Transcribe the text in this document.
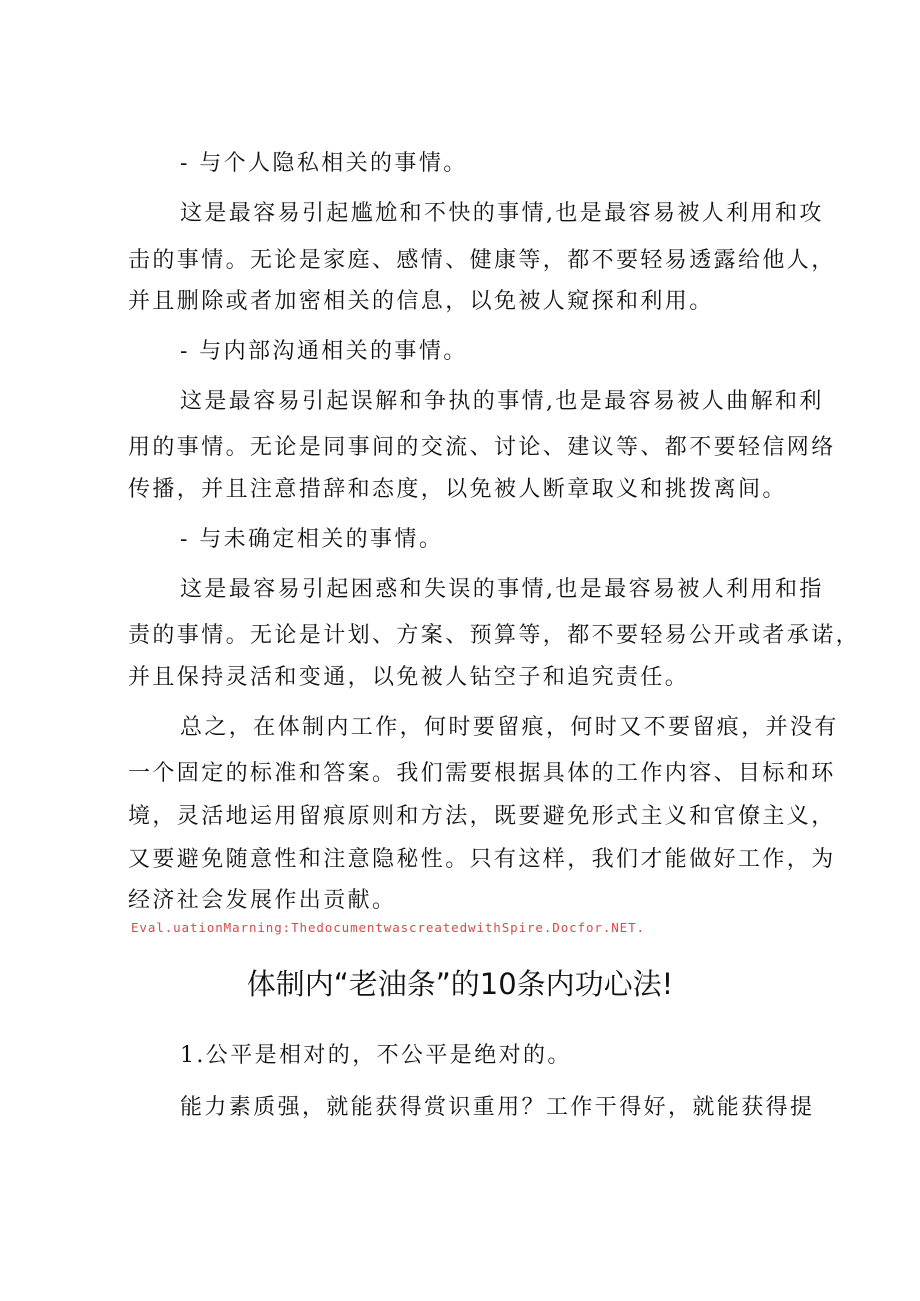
- 与个人隐私相关的事情。
这是最容易引起尴尬和不快的事情,也是最容易被人利用和攻
击的事情。无论是家庭、感情、健康等，都不要轻易透露给他人，
并且删除或者加密相关的信息，以免被人窥探和利用。
- 与内部沟通相关的事情。
这是最容易引起误解和争执的事情,也是最容易被人曲解和利
用的事情。无论是同事间的交流、讨论、建议等、都不要轻信网络
传播，并且注意措辞和态度，以免被人断章取义和挑拨离间。
- 与未确定相关的事情。
这是最容易引起困惑和失误的事情,也是最容易被人利用和指
责的事情。无论是计划、方案、预算等，都不要轻易公开或者承诺，
并且保持灵活和变通，以免被人钻空子和追究责任。
总之，在体制内工作，何时要留痕，何时又不要留痕，并没有
一个固定的标准和答案。我们需要根据具体的工作内容、目标和环
境，灵活地运用留痕原则和方法，既要避免形式主义和官僚主义，
又要避免随意性和注意隐秘性。只有这样，我们才能做好工作，为
经济社会发展作出贡献。
Eval.uationMarning:ThedocumentwascreatedwithSpire.Docfor.NET.
体制内“老油条”的10条内功心法!
1.公平是相对的，不公平是绝对的。
能力素质强，就能获得赏识重用？工作干得好，就能获得提
